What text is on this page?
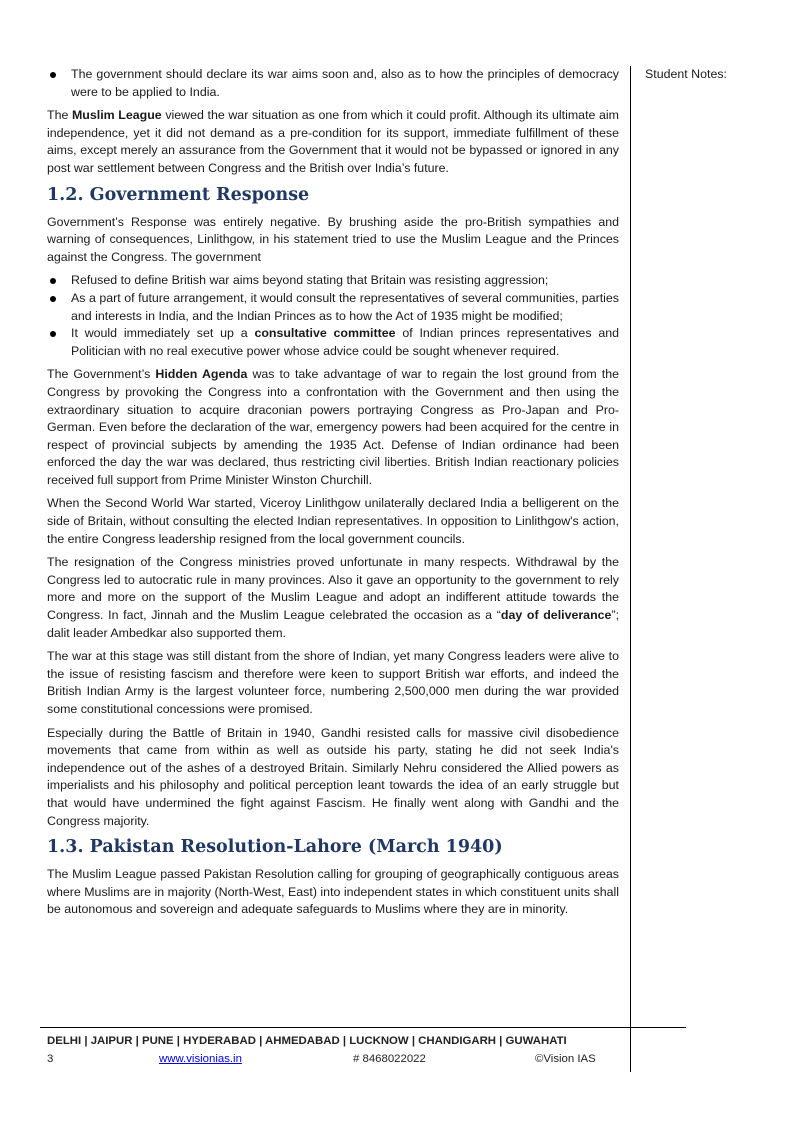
The government should declare its war aims soon and, also as to how the principles of democracy were to be applied to India.

The Muslim League viewed the war situation as one from which it could profit. Although its ultimate aim independence, yet it did not demand as a pre-condition for its support, immediate fulfillment of these aims, except merely an assurance from the Government that it would not be bypassed or ignored in any post war settlement between Congress and the British over India’s future.

1.2. Government Response

Government’s Response was entirely negative. By brushing aside the pro-British sympathies and warning of consequences, Linlithgow, in his statement tried to use the Muslim League and the Princes against the Congress. The government

Refused to define British war aims beyond stating that Britain was resisting aggression;
As a part of future arrangement, it would consult the representatives of several communities, parties and interests in India, and the Indian Princes as to how the Act of 1935 might be modified;
It would immediately set up a consultative committee of Indian princes representatives and Politician with no real executive power whose advice could be sought whenever required.

The Government’s Hidden Agenda was to take advantage of war to regain the lost ground from the Congress by provoking the Congress into a confrontation with the Government and then using the extraordinary situation to acquire draconian powers portraying Congress as Pro-Japan and Pro-German. Even before the declaration of the war, emergency powers had been acquired for the centre in respect of provincial subjects by amending the 1935 Act. Defense of Indian ordinance had been enforced the day the war was declared, thus restricting civil liberties. British Indian reactionary policies received full support from Prime Minister Winston Churchill.

When the Second World War started, Viceroy Linlithgow unilaterally declared India a belligerent on the side of Britain, without consulting the elected Indian representatives. In opposition to Linlithgow's action, the entire Congress leadership resigned from the local government councils.

The resignation of the Congress ministries proved unfortunate in many respects. Withdrawal by the Congress led to autocratic rule in many provinces. Also it gave an opportunity to the government to rely more and more on the support of the Muslim League and adopt an indifferent attitude towards the Congress. In fact, Jinnah and the Muslim League celebrated the occasion as a “day of deliverance”; dalit leader Ambedkar also supported them.

The war at this stage was still distant from the shore of Indian, yet many Congress leaders were alive to the issue of resisting fascism and therefore were keen to support British war efforts, and indeed the British Indian Army is the largest volunteer force, numbering 2,500,000 men during the war provided some constitutional concessions were promised.

Especially during the Battle of Britain in 1940, Gandhi resisted calls for massive civil disobedience movements that came from within as well as outside his party, stating he did not seek India's independence out of the ashes of a destroyed Britain. Similarly Nehru considered the Allied powers as imperialists and his philosophy and political perception leant towards the idea of an early struggle but that would have undermined the fight against Fascism. He finally went along with Gandhi and the Congress majority.

1.3. Pakistan Resolution-Lahore (March 1940)

The Muslim League passed Pakistan Resolution calling for grouping of geographically contiguous areas where Muslims are in majority (North-West, East) into independent states in which constituent units shall be autonomous and sovereign and adequate safeguards to Muslims where they are in minority.

Student Notes:
DELHI | JAIPUR | PUNE | HYDERABAD | AHMEDABAD | LUCKNOW | CHANDIGARH | GUWAHATI
3	www.visionias.in	# 8468022022	©Vision IAS
